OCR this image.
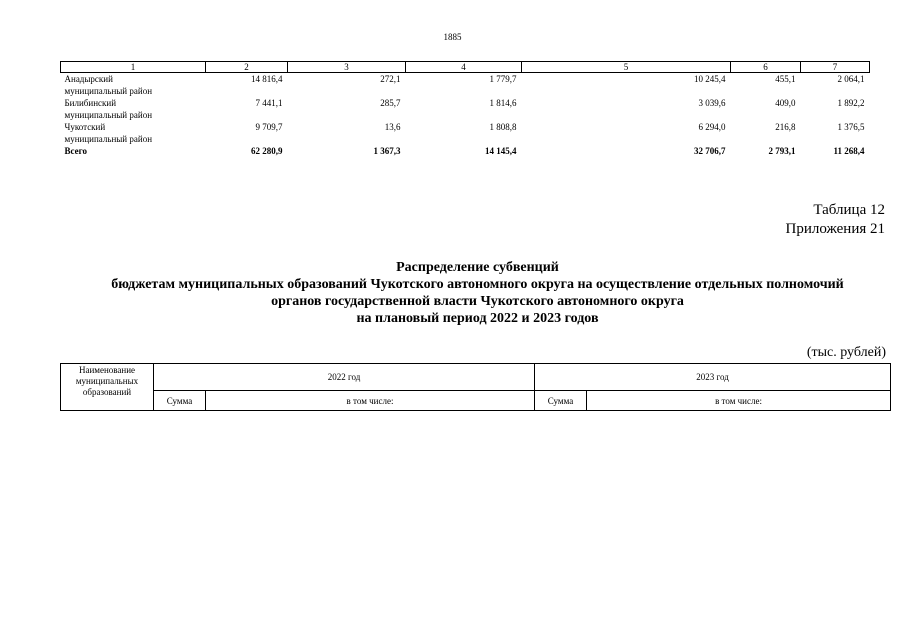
1885
1	2	3	4	5	6	7
Анадырский	14 816,4	272,1	1 779,7	10 245,4	455,1	2 064,1
муниципальный район						
Билибинский	7 441,1	285,7	1 814,6	3 039,6	409,0	1 892,2
муниципальный район						
Чукотский	9 709,7	13,6	1 808,8	6 294,0	216,8	1 376,5
муниципальный район						
Всего	62 280,9	1 367,3	14 145,4	32 706,7	2 793,1	11 268,4
Таблица 12
Приложения 21
Распределение субвенций
бюджетам муниципальных образований Чукотского автономного округа на осуществление отдельных полномочий
органов государственной власти Чукотского автономного округа
на плановый период 2022 и 2023 годов
(тыс. рублей)
Наименование
муниципальных
образований	2022 год		2023 год	
	Сумма	в том числе:	Сумма	в том числе:
